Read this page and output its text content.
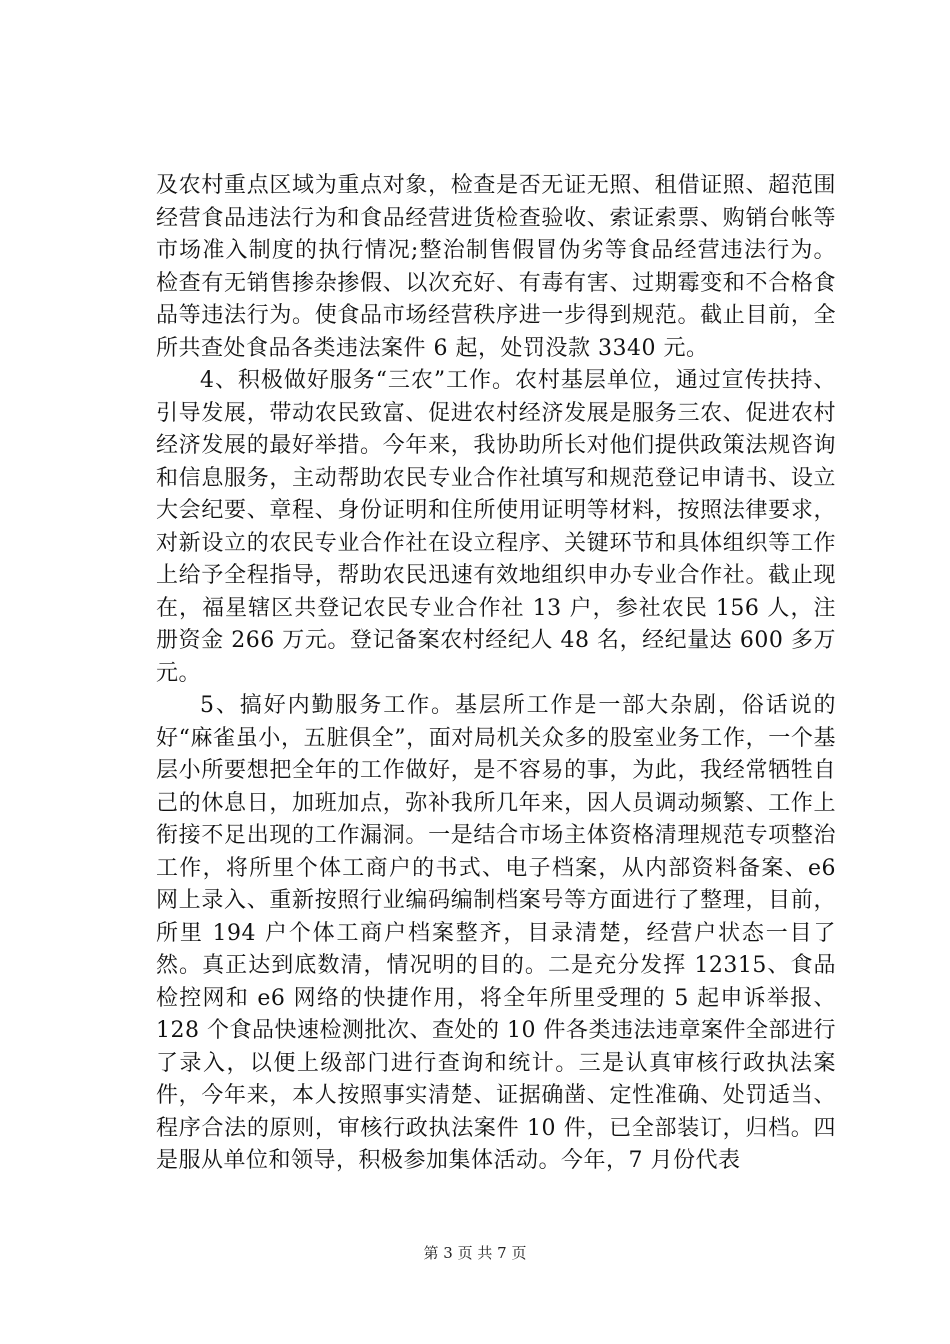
及农村重点区域为重点对象，检查是否无证无照、租借证照、超范围经营食品违法行为和食品经营进货检查验收、索证索票、购销台帐等市场准入制度的执行情况;整治制售假冒伪劣等食品经营违法行为。检查有无销售掺杂掺假、以次充好、有毒有害、过期霉变和不合格食品等违法行为。使食品市场经营秩序进一步得到规范。截止目前，全所共查处食品各类违法案件 6 起，处罚没款 3340 元。

4、积极做好服务“三农”工作。农村基层单位，通过宣传扶持、引导发展，带动农民致富、促进农村经济发展是服务三农、促进农村经济发展的最好举措。今年来，我协助所长对他们提供政策法规咨询和信息服务，主动帮助农民专业合作社填写和规范登记申请书、设立大会纪要、章程、身份证明和住所使用证明等材料，按照法律要求，对新设立的农民专业合作社在设立程序、关键环节和具体组织等工作上给予全程指导，帮助农民迅速有效地组织申办专业合作社。截止现在，福星辖区共登记农民专业合作社 13 户，参社农民 156 人，注册资金 266 万元。登记备案农村经纪人 48 名，经纪量达 600 多万元。

5、搞好内勤服务工作。基层所工作是一部大杂剧，俗话说的好“麻雀虽小，五脏俱全”，面对局机关众多的股室业务工作，一个基层小所要想把全年的工作做好，是不容易的事，为此，我经常牺牲自己的休息日，加班加点，弥补我所几年来，因人员调动频繁、工作上衔接不足出现的工作漏洞。一是结合市场主体资格清理规范专项整治工作，将所里个体工商户的书式、电子档案，从内部资料备案、e6 网上录入、重新按照行业编码编制档案号等方面进行了整理，目前，所里 194 户个体工商户档案整齐，目录清楚，经营户状态一目了然。真正达到底数清，情况明的目的。二是充分发挥 12315、食品检控网和 e6 网络的快捷作用，将全年所里受理的 5 起申诉举报、128 个食品快速检测批次、查处的 10 件各类违法违章案件全部进行了录入，以便上级部门进行查询和统计。三是认真审核行政执法案件，今年来，本人按照事实清楚、证据确凿、定性准确、处罚适当、程序合法的原则，审核行政执法案件 10 件，已全部装订，归档。四是服从单位和领导，积极参加集体活动。今年，7 月份代表

第 3 页 共 7 页
